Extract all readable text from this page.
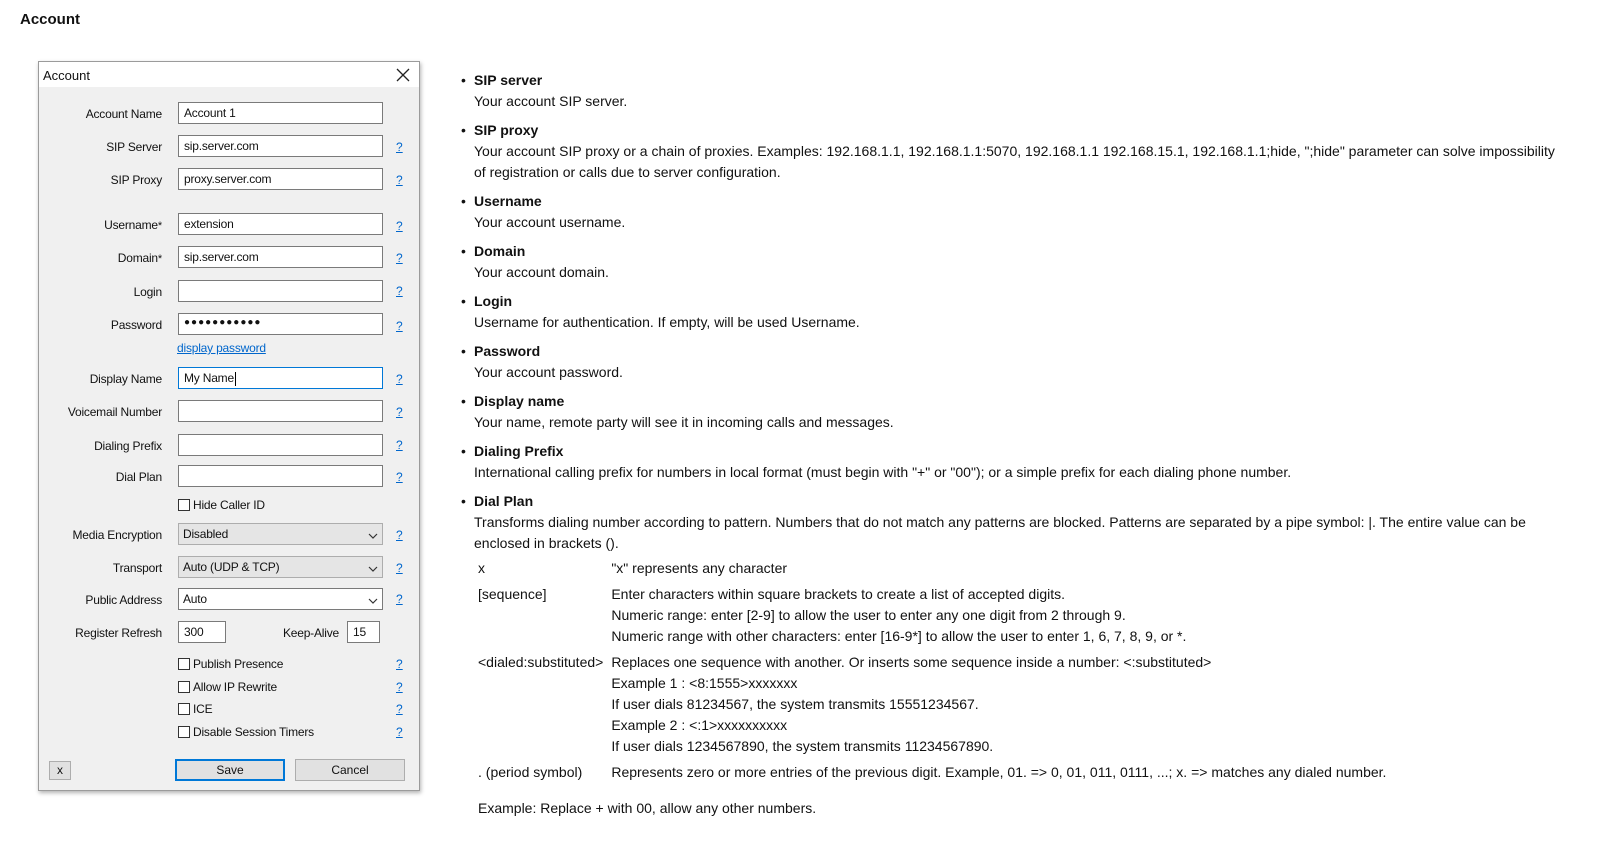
Account
Account
Account Name	Account 1
SIP Server	sip.server.com	?
SIP Proxy	proxy.server.com	?
Username*	extension	?
Domain*	sip.server.com	?
Login	?
Password	●●●●●●●●●●●	?
display password
Display Name	My Name	?
Voicemail Number	?
Dialing Prefix	?
Dial Plan	?
Hide Caller ID
Media Encryption	Disabled	?
Transport	Auto (UDP & TCP)	?
Public Address	Auto	?
Register Refresh	300	Keep-Alive	15
Publish Presence	?
Allow IP Rewrite	?
ICE	?
Disable Session Timers	?
x	Save	Cancel
• SIP server
Your account SIP server.
• SIP proxy
Your account SIP proxy or a chain of proxies. Examples: 192.168.1.1, 192.168.1.1:5070, 192.168.1.1 192.168.15.1, 192.168.1.1;hide, ";hide" parameter can solve impossibility of registration or calls due to server configuration.
• Username
Your account username.
• Domain
Your account domain.
• Login
Username for authentication. If empty, will be used Username.
• Password
Your account password.
• Display name
Your name, remote party will see it in incoming calls and messages.
• Dialing Prefix
International calling prefix for numbers in local format (must begin with "+" or "00"); or a simple prefix for each dialing phone number.
• Dial Plan
Transforms dialing number according to pattern. Numbers that do not match any patterns are blocked. Patterns are separated by a pipe symbol: |. The entire value can be enclosed in brackets ().
x	"x" represents any character

[sequence]	Enter characters within square brackets to create a list of accepted digits.
Numeric range: enter [2-9] to allow the user to enter any one digit from 2 through 9.
Numeric range with other characters: enter [16-9*] to allow the user to enter 1, 6, 7, 8, 9, or *.

<dialed:substituted>	Replaces one sequence with another. Or inserts some sequence inside a number: <:substituted>
Example 1 : <8:1555>xxxxxxx
If user dials 81234567, the system transmits 15551234567.
Example 2 : <:1>xxxxxxxxxx
If user dials 1234567890, the system transmits 11234567890.

. (period symbol)	Represents zero or more entries of the previous digit. Example, 01. => 0, 01, 011, 0111, ...; x. => matches any dialed number.
Example: Replace + with 00, allow any other numbers.
